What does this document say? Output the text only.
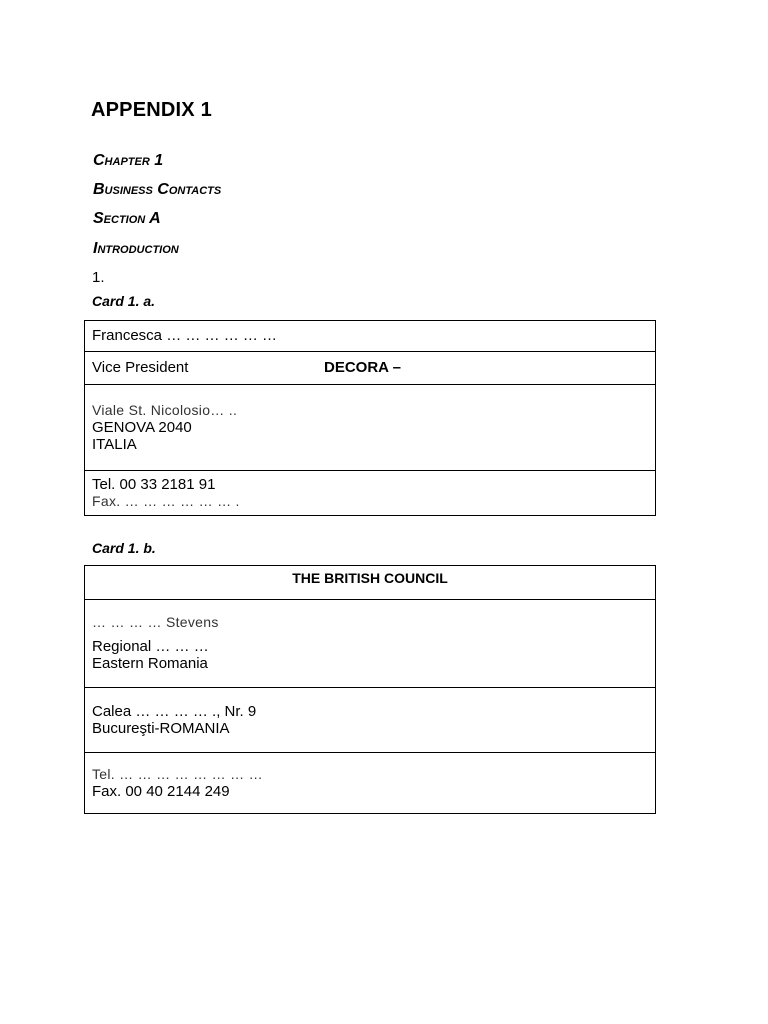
APPENDIX 1

Chapter 1

Business Contacts

Section A

Introduction

1.

Card 1. a.

Francesca … … … … … …

Vice President	DECORA –

Viale St. Nicolosio… ..

GENOVA 2040

ITALIA

Tel. 00 33 2181 91

Fax. … … … … … … .

Card 1. b.

THE BRITISH COUNCIL

… … … … Stevens

Regional … … …

Eastern Romania

Calea … … … … ., Nr. 9

Bucureşti-ROMANIA

Tel. … … … … … … … …

Fax. 00 40 2144 249
